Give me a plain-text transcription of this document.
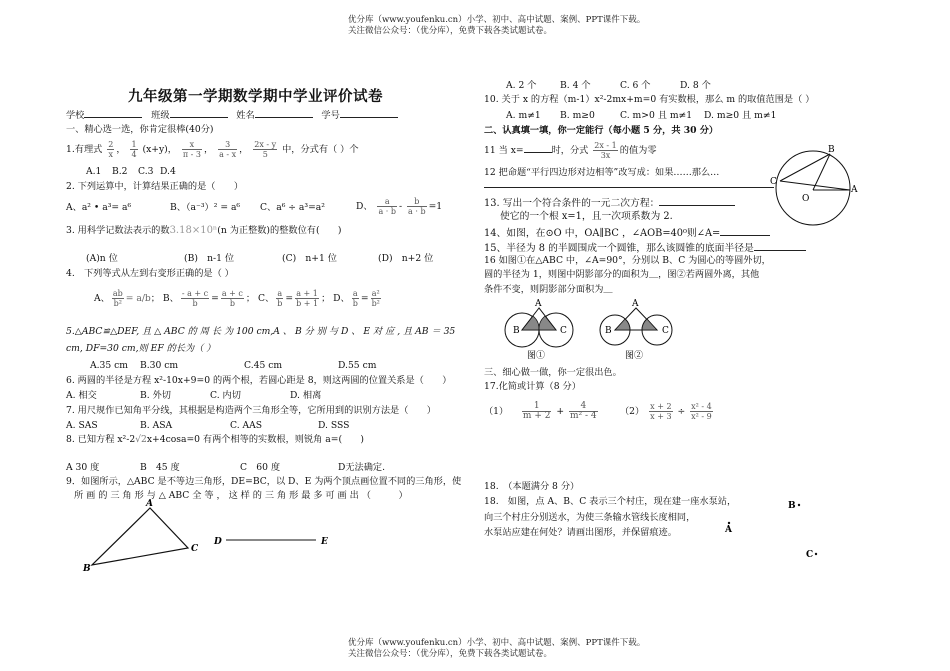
优分库（www.youfenku.cn）小学、初中、高中试题、案例、PPT课件下载。
关注微信公众号：（优分库），免费下载各类试题试卷。
优分库（www.youfenku.cn）小学、初中、高中试题、案例、PPT课件下载。
关注微信公众号：（优分库），免费下载各类试题试卷。
九年级第一学期数学期中学业评价试卷
学校	班级	姓名	学号
一、精心选一选，你肯定很棒(40分)
1.有理式 $\frac{2}{x}$ ， $\frac{1}{4} (x+y)$， $\frac{x}{\pi - 3}$ ， $\frac{3}{a - x}$ ， $\frac{2x - y}{5}$ 中，分式有（ ）个
A.1 B.2 C.3 D.4
2. 下列运算中，计算结果正确的是（　　）
A、a² • a³= a⁶	B、（a⁻³）² = a⁶ C、a⁶ ÷ a³=a²	D、 $\frac{a}{a \cdot b} - \frac{b}{a \cdot b} =1$
3. 用科学记数法表示的数3.18×10ⁿ(n 为正整数)的整数位有(　　)
(A)n 位	(B)　n-1 位	(C)　n+1 位	(D)　n+2 位
4.　下列等式从左到右变形正确的是（ ）
A、 $\frac{ab}{\text{b²}} = a/b$； B、 $\frac{- a + c}{b} = \frac{a + c}{b}$ ； C、 $\frac{a}{b} = \frac{a + 1}{b + 1}$ ； D、 $\frac{a}{b} = \frac{\text{a²}}{\text{b²}}$
5.△ABC≌△DEF, 且 △ ABC 的 周 长 为 100 cm,A 、 B 分 别 与 D 、 E 对 应 , 且 AB ＝ 35
cm, DF=30 cm,则 EF 的长为（ ）
A.35 cm B.30 cm	C.45 cm	D.55 cm
6. 两圆的半径是方程 x²-10x+9=0 的两个根，若圆心距是 8，则这两圆的位置关系是（　　）
A. 相交	B. 外切	C. 内切	D. 相离
7. 用尺规作已知角平分线，其根据是构造两个三角形全等，它所用到的识别方法是（　　）
A. SAS	B. ASA	C. AAS	D. SSS
8. 已知方程 x²-2√2x+4cosa=0 有两个相等的实数根，则锐角 a=(　　)
A 30 度	B　45 度	C　60 度	D无法确定.
9．如图所示，△ABC 是不等边三角形，DE=BC，以 D、E 为两个顶点画位置不同的三角形，使
所 画 的 三 角 形 与 △ ABC 全 等 ， 这 样 的 三 角 形 最 多 可 画 出 （　　　）
A
C
B
D	E
A. 2 个	B. 4 个	C. 6 个	D. 8 个
10. 关于 x 的方程（m-1）x²-2mx+m=0 有实数根，那么 m 的取值范围是（ ）
A. m≠1 B. m≥0	C. m>0 且 m≠1 D. m≥0 且 m≠1
二、认真填一填，你一定能行（每小题 5 分，共 30 分）
11 当 x=	时，分式 $\frac{2x - 1}{3x}$ 的值为零
12 把命题“平行四边形对边相等”改写成：如果……那么…
13. 写出一个符合条件的一元二次方程：
使它的一个根 x=1，且一次项系数为 2.
14、如图，在⊙O 中，OA∥BC ，∠AOB=40⁰则∠A=
15、半径为 8 的半圆围成一个圆锥，那么该圆锥的底面半径是
16 如图①在△ABC 中，∠A=90°，分别以 B、C 为圆心的等圆外切，
圆的半径为 1，则图中阴影部分的面积为＿，图②若两圆外离，其他
条件不变，则阴影部分面积为＿
B
C
A
O
A
B	C
图①
A
B	C
图②
三、细心做一做，你一定很出色。
17.化简或计算（8 分）
$(1) \frac{1}{m + 2} + \frac{4}{\text{m² - 4}} (2) \frac{x + 2}{x + 3} \div \frac{\text{x² - 4}}{\text{x² - 9}}$
18.　（本题满分 8 分）
18.　如图，点 A、B、C 表示三个村庄，现在建一座水泵站，
向三个村庄分别送水，为使三条输水管线长度相同，
水泵站应建在何处？请画出图形，并保留痕迹。
B
A
C
